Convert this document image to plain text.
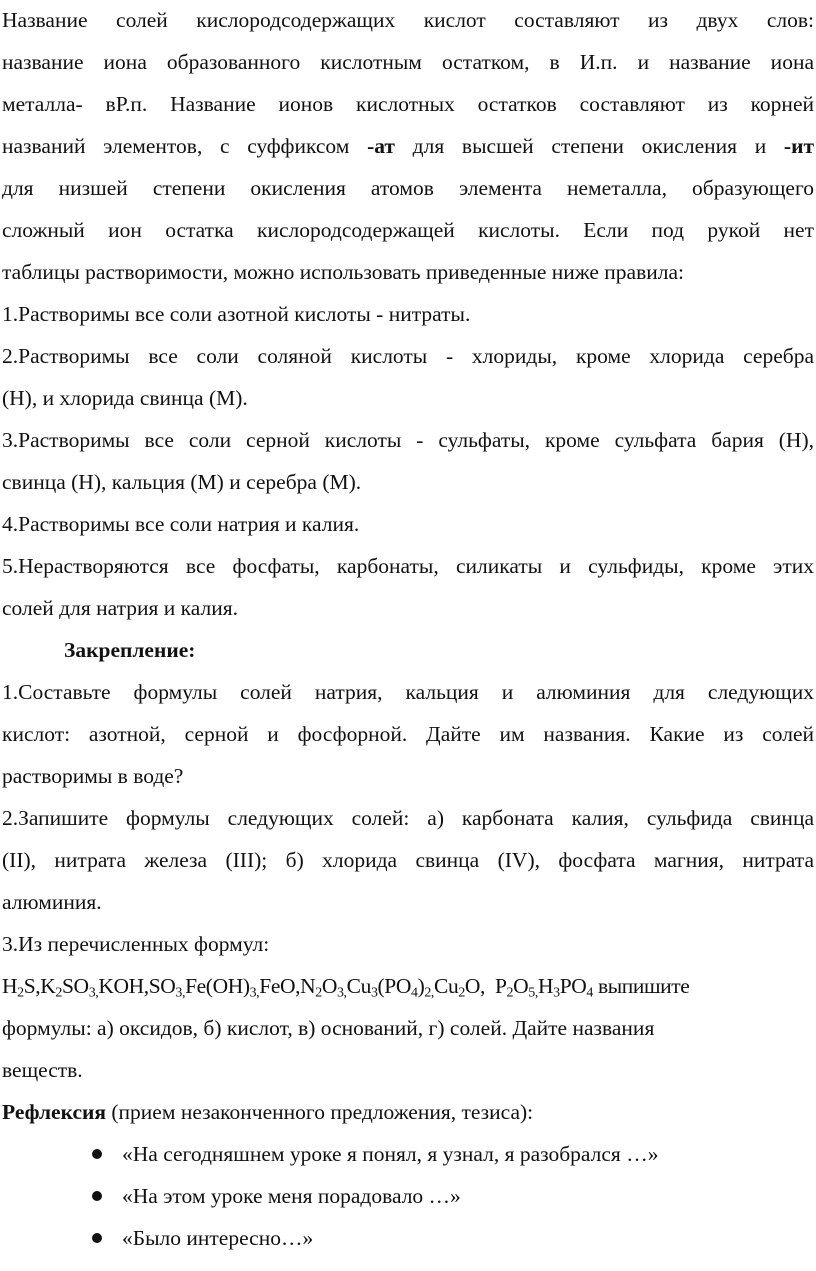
Название солей кислородсодержащих кислот составляют из двух слов:
название иона образованного кислотным остатком, в И.п. и название иона
металла- вР.п. Название ионов кислотных остатков составляют из корней
названий элементов, с суффиксом -ат для высшей степени окисления и -ит
для низшей степени окисления атомов элемента неметалла, образующего
сложный ион остатка кислородсодержащей кислоты. Если под рукой нет
таблицы растворимости, можно использовать приведенные ниже правила:
1.Растворимы все соли азотной кислоты - нитраты.
2.Растворимы все соли соляной кислоты - хлориды, кроме хлорида серебра
(Н), и хлорида свинца (М).
3.Растворимы все соли серной кислоты - сульфаты, кроме сульфата бария (Н),
свинца (Н), кальция (М) и серебра (М).
4.Растворимы все соли натрия и калия.
5.Нерастворяются все фосфаты, карбонаты, силикаты и сульфиды, кроме этих
солей для натрия и калия.
Закрепление:
1.Составьте формулы солей натрия, кальция и алюминия для следующих
кислот: азотной, серной и фосфорной. Дайте им названия. Какие из солей
растворимы в воде?
2.Запишите формулы следующих солей: а) карбоната калия, сульфида свинца
(II), нитрата железа (III); б) хлорида свинца (IV), фосфата магния, нитрата
алюминия.
3.Из перечисленных формул:
$H_2S,K_2SO_{3,}KOH,SO_{3,}Fe(OH)_{3,}FeO,N_2O_{3,}Cu_3(PO_4)_{2,}Cu_2O$,  $P_2O_{5,}H_3PO_4$ выпишите
формулы: а) оксидов, б) кислот, в) оснований, г) солей. Дайте названия
веществ.
Рефлексия (прием незаконченного предложения, тезиса):
«На сегодняшнем уроке я понял, я узнал, я разобрался …»
«На этом уроке меня порадовало …»
«Было интересно…»
